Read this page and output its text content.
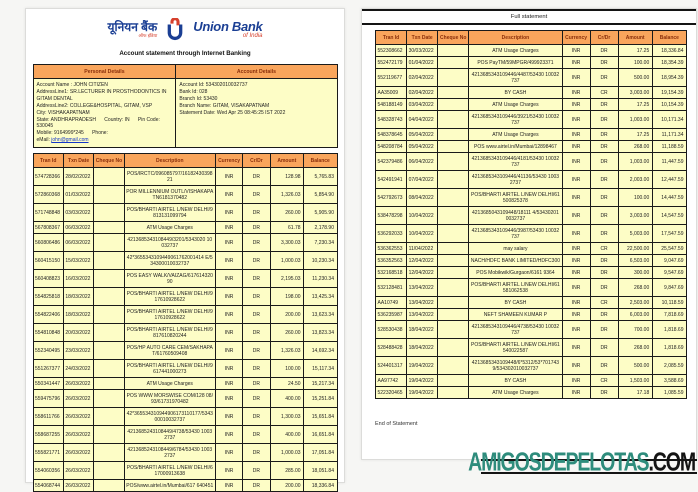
यूनियन बैंक
ऑफ इंडिया
Union Bank
of India
Account statement through Internet Banking
Personal Details	Account Details

Account Name : JOHN CITIZEN
AddressLine1: SR.LECTURER IN PROSTHODONTICS IN GITAM DENTAL
AddressLine2: COLLEGE&HOSPITAL, GITAM, VSP
City: VISHAKAPATNAM
State: ANDHRAPRADESH      Country: IN      Pin Code: 530045
Mobile: 9164999*245      Phone:
eMail: john@gmail.com

Account Id: 534302010032737
Bank Id: 028
Branch Id: 53430
Branch Name: GITAM, VISAKAPATNAM
Statement Date: Wed Apr 25 08:45:25 IST 2022
Tran Id	Txn Date	Cheque No	Description	Currency	Cr/Dr	Amount	Balance
574728366	28/02/2022		POS/IRCTC/096085797/1618243039821	INR	DR	128.98	5,765.83
572860368	01/03/2022		POR MILLENNIUM OUTL/VISHAKAPATN6181370482	INR	DR	1,326.03	5,854.90
571748848	03/03/2022		POS/BHARTI AIRTEL L/NEW DELHI/9813131099794	INR	DR	260.00	5,905.90
567808367	06/03/2022		ATM Usage Charges	INR	DR	61.78	2,178.90
560806486	06/03/2022		4213685343108449/3201/5343020 10032737	INR	DR	3,300.03	7,230.34
560415150	15/03/2022		42*3655343109449061762001414 E/534300010032737	INR	DR	1,000.03	10,230.34
560408823	16/03/2022		POS EASY WALK/VAIZAG/61761432090	INR	DR	2,195.03	11,230.34
554825818	18/03/2022		POS/BHARTI AIRTEL L/NEW DELHI/917610928622	INR	DR	198.00	13,425.34
554822406	18/03/2022		POS/BHARTI AIRTEL L/NEW DELHI/917610928622	INR	DR	200.00	13,623.34
554810848	20/03/2022		POS/BHARTI AIRTEL L/NEW DELHI/9817610820244	INR	DR	260.00	13,823.34
552340495	23/03/2022		POS/HP AUTO CARE CEM/SAKHAPAT/61760509408	INR	DR	1,326.03	14,692.34
551267377	24/03/2022		POS/BHARTI AIRTEL L/NEW DELHI/9617441000273	INR	DR	100.00	15,117.34
550341447	26/03/2022		ATM Usage Charges	INR	DR	24.50	15,217.34
559475796	26/03/2022		POS WWW MORSWISE COM/128 08/93/61731970482	INR	DR	400.00	15,251.84
558611766	26/03/2022		42*365534310944906173110177/534300010032737	INR	DR	1,300.03	15,651.84
558687255	26/03/2022		4213685243108449/4738/53430 10032737	INR	DR	400.00	16,651.84
555821771	26/03/2022		4213685243108449/6784/53430 10032737	INR	DR	1,000.03	17,051.84
554060356	26/03/2022		POS/BHARTI AIRTEL L/NEW DELHI/617000913638	INR	DR	285.00	18,051.84
554068744	26/03/2022		POS/www.airtel.in/Mumbai/617 640451	INR	DR	200.00	18,336.84
Full statement
Tran Id	Txn Date	Cheque No	Description	Currency	Cr/Dr	Amount	Balance
552308662	30/03/2022		ATM Usage Charges	INR	DR	17.25	18,336.84
552472179	01/04/2022		POS PayTM/59MPGR/499923371	INR	DR	100.00	18,354.39
552119677	02/04/2022		4213685343109446/4487/53430 10032737	INR	DR	500.00	18,954.39
AA35009	02/04/2022		BY CASH	INR	CR	3,003.00	19,154.39
548188149	03/04/2022		ATM Usage Charges	INR	DR	17.25	10,154.39
548328743	04/04/2022		4213685343109446/3921/53430 10032737	INR	DR	1,003.00	10,171.34
548378645	05/04/2022		ATM Usage Charges	INR	DR	17.25	11,171.34
548208784	05/04/2022		POS www.airtel.in/Mumbai/12898467	INR	DR	268.00	11,188.59
542379486	06/04/2022		4213685343109446/4181/53430 10032737	INR	DR	1,003.00	11,447.59
542491941	07/04/2022		4213685343109446/41136/53430 10032737	INR	DR	2,003.00	12,447.59
542792673	08/04/2022		POS/BHARTI AIRTEL L/NEW DELHI/61500825378	INR	DR	100.00	14,447.59
538478298	10/04/2022		4213685043109448/18111 4/534302010032737	INR	DR	3,003.00	14,547.59
536292033	10/04/2022		4213685343109446/3987/53430 10032737	INR	DR	5,003.00	17,547.59
536362553	11/04/2022		may salary	INR	CR	22,500.00	25,547.59
536352563	12/04/2022		NACH/HDFC BANK LIMITED/HDFC300	INR	DR	6,503.00	9,047.69
532168518	12/04/2022		POS Mobikwik/Gurgaon/6161 9364	INR	DR	300.00	9,547.69
532128481	13/04/2022		POS/BHARTI AIRTEL L/NEW DELHI/61581062538	INR	DR	268.00	9,847.69
AA10749	13/04/2022		BY CASH	INR	CR	2,503.00	10,118.59
536235987	13/04/2022		NEFT SHAMEEN KUMAR P	INR	DR	6,003.00	7,818.69
528530438	18/04/2022		4213685343109446/4738/53430 10032737	INR	DR	700.00	1,818.69
528488428	18/04/2022		POS/BHARTI AIRTEL L/NEW DELHI/61540022587	INR	DR	268.00	1,818.69
524401317	19/04/2022		4213685343109448/6*5312/53*701743 9/534302010032737	INR	DR	500.00	2,085.59
AA97742	19/04/2022		BY CASH	INR	CR	1,503.00	3,588.69
522320465	19/04/2022		ATM Usage Charges	INR	DR	17.18	1,085.59
End of Statement
AMIGOSDEPELOTAS.COM
